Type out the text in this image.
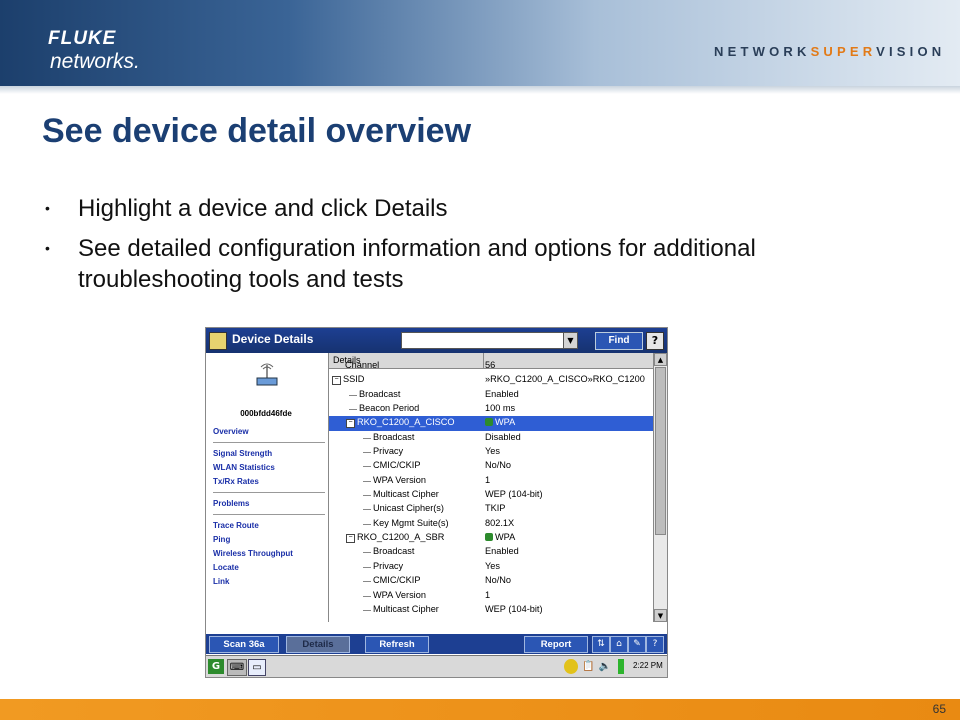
FLUKE
networks.	NETWORKSUPERVISION
See device detail overview
• Highlight a device and click Details
• See detailed configuration information and options for additional troubleshooting tools and tests
Device Details	▼	Find	?
000bfdd46fde
Overview
Signal Strength
WLAN Statistics
Tx/Rx Rates
Problems
Trace Route
Ping
Wireless Throughput
Locate
Link
Details
Channel	56
− SSID	»RKO_C1200_A_CISCO»RKO_C1200
Broadcast	Enabled
Beacon Period	100 ms
− RKO_C1200_A_CISCO	WPA
Broadcast	Disabled
Privacy	Yes
CMIC/CKIP	No/No
WPA Version	1
Multicast Cipher	WEP (104-bit)
Unicast Cipher(s)	TKIP
Key Mgmt Suite(s)	802.1X
− RKO_C1200_A_SBR	WPA
Broadcast	Enabled
Privacy	Yes
CMIC/CKIP	No/No
WPA Version	1
Multicast Cipher	WEP (104-bit)
▲
▼
Scan 36a	Details	Refresh	Report	⇅	⌂	✎	?
G ⌨ ▭	📋 🔈	2:22 PM
65
